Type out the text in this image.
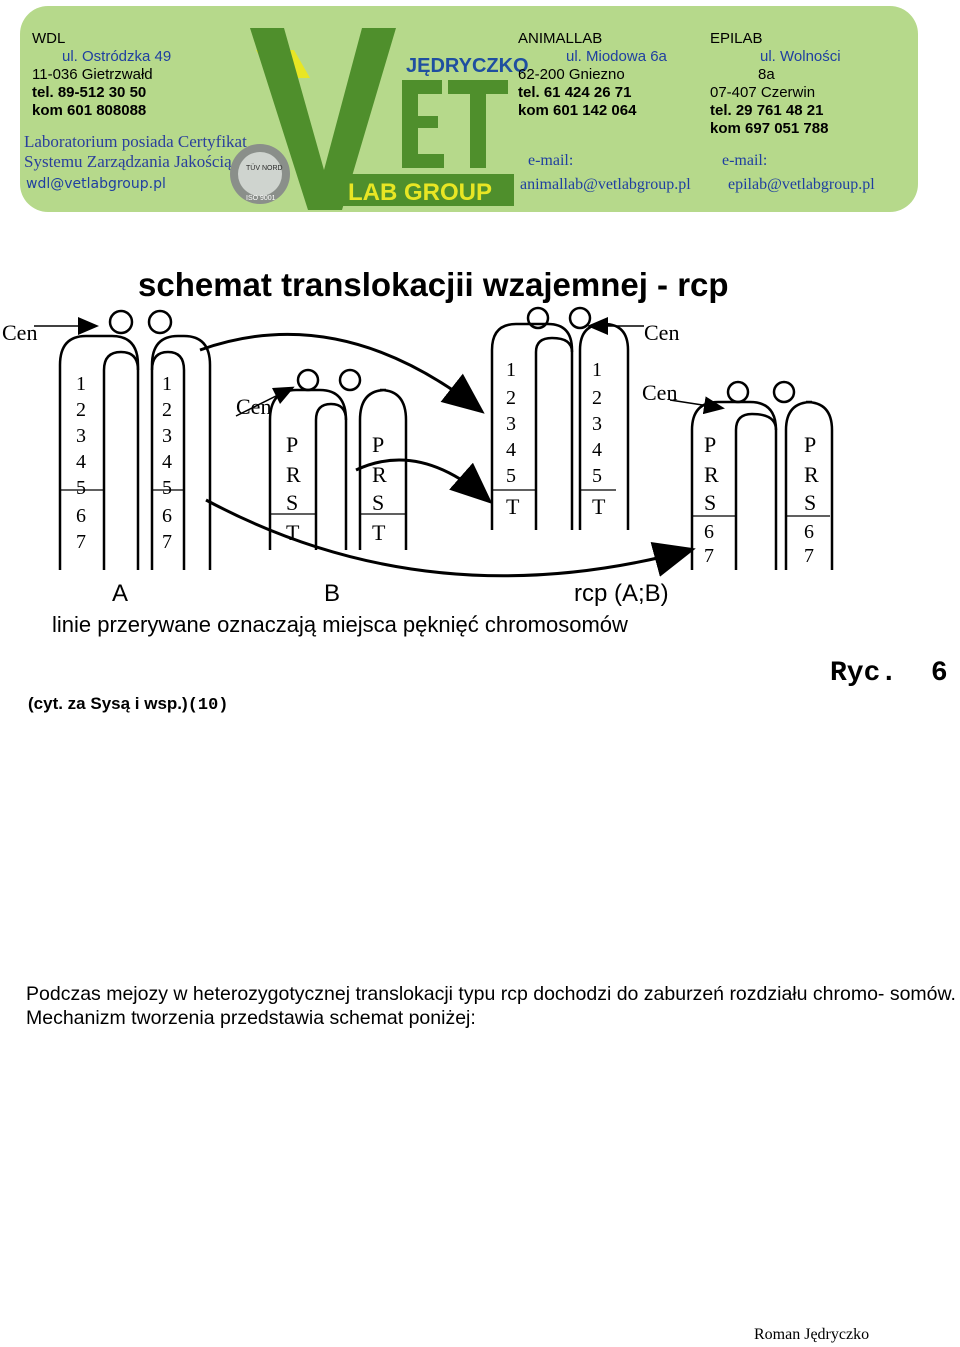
WDL
ul. Ostródzka 49
11-036 Gietrzwałd
tel. 89-512 30 50
kom 601 808088
Laboratorium posiada Certyfikat
Systemu Zarządzania Jakością
wdl@vetlabgroup.pl
JĘDRYCZKO
LAB GROUP
TÜV NORD
ISO 9001
ANIMALLAB
ul. Miodowa 6a
62-200 Gniezno
tel. 61 424 26 71
kom 601 142 064
e-mail:
animallab@vetlabgroup.pl
EPILAB
ul. Wolności
8a
07-407 Czerwin
tel. 29 761 48 21
kom 697 051 788
e-mail:
epilab@vetlabgroup.pl
schemat translokacjii wzajemnej - rcp
Cen
Cen
Cen
Cen
1
2
3
4
5
6
7
1
2
3
4
5
6
7
P
R
S
T
P
R
S
T
1
2
3
4
5
T
1
2
3
4
5
T
P
R
S
6
7
P
R
S
6
7
A	B	rcp (A;B)
linie przerywane oznaczają miejsca pęknięć chromosomów
Ryc.  6
(cyt. za Sysą i wsp.)(10)
Podczas mejozy w heterozygotycznej translokacji typu rcp dochodzi do zaburzeń rozdziału chromo- somów. Mechanizm tworzenia przedstawia schemat poniżej:
Roman Jędryczko
